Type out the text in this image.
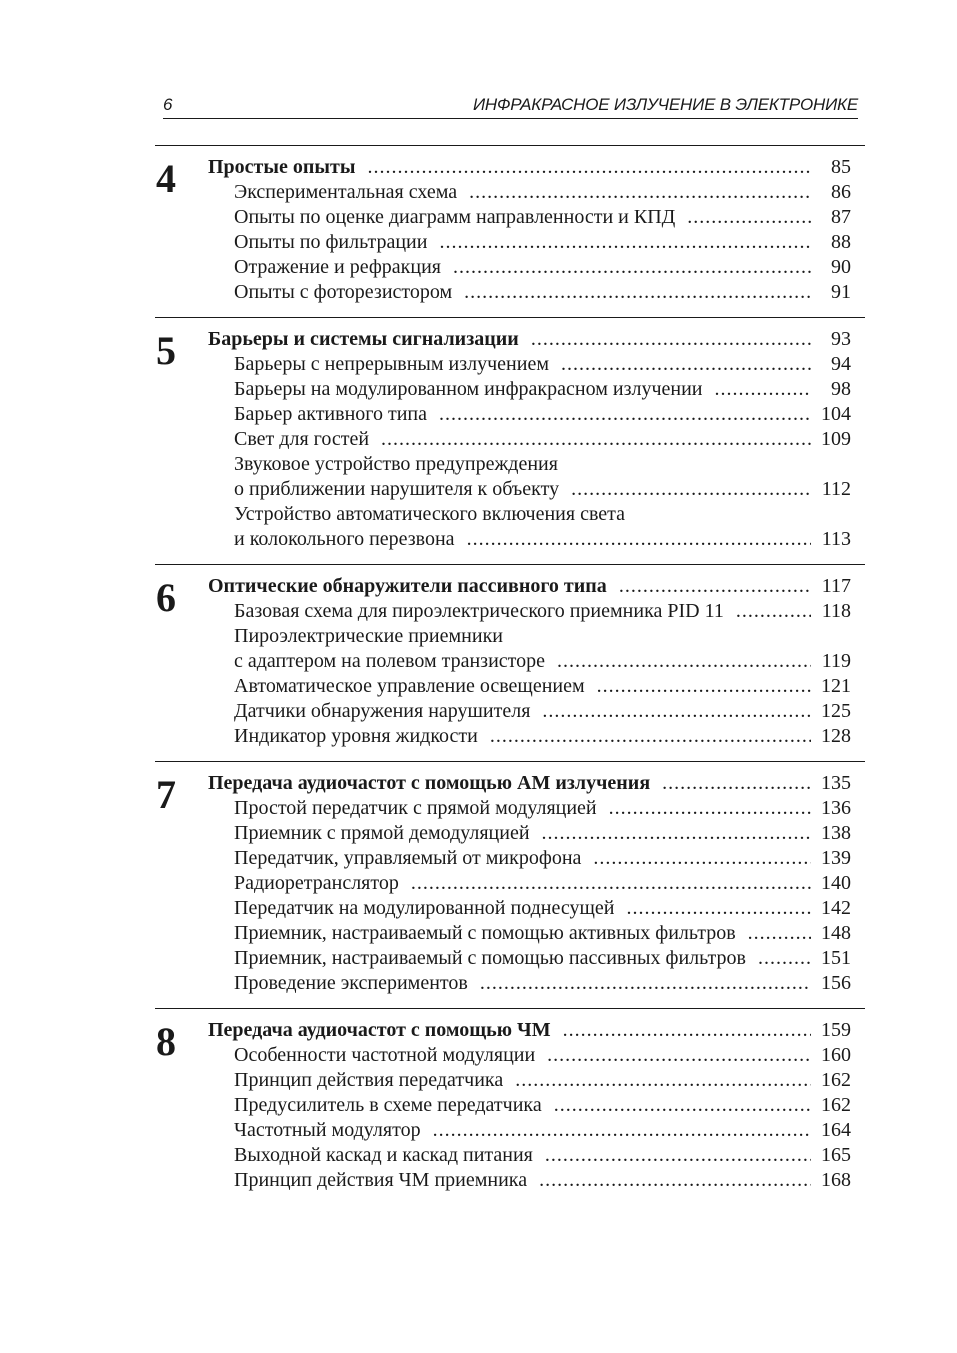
6	ИНФРАКРАСНОЕ ИЗЛУЧЕНИЕ В ЭЛЕКТРОНИКЕ
4 Простые опыты .....	85
Экспериментальная схема .....	86
Опыты по оценке диаграмм направленности и КПД .....	87
Опыты по фильтрации .....	88
Отражение и рефракция .....	90
Опыты с фоторезистором .....	91
5 Барьеры и системы сигнализации .....	93
Барьеры с непрерывным излучением .....	94
Барьеры на модулированном инфракрасном излучении .....	98
Барьер активного типа .....	104
Свет для гостей .....	109
Звуковое устройство предупреждения
о приближении нарушителя к объекту .....	112
Устройство автоматического включения света
и колокольного перезвона .....	113
6 Оптические обнаружители пассивного типа .....	117
Базовая схема для пироэлектрического приемника PID 11 .....	118
Пироэлектрические приемники
с адаптером на полевом транзисторе .....	119
Автоматическое управление освещением .....	121
Датчики обнаружения нарушителя .....	125
Индикатор уровня жидкости .....	128
7 Передача аудиочастот с помощью АМ излучения .....	135
Простой передатчик с прямой модуляцией .....	136
Приемник с прямой демодуляцией .....	138
Передатчик, управляемый от микрофона .....	139
Радиоретранслятор .....	140
Передатчик на модулированной поднесущей .....	142
Приемник, настраиваемый с помощью активных фильтров .....	148
Приемник, настраиваемый с помощью пассивных фильтров .....	151
Проведение экспериментов .....	156
8 Передача аудиочастот с помощью ЧМ .....	159
Особенности частотной модуляции .....	160
Принцип действия передатчика .....	162
Предусилитель в схеме передатчика .....	162
Частотный модулятор .....	164
Выходной каскад и каскад питания .....	165
Принцип действия ЧМ приемника .....	168
